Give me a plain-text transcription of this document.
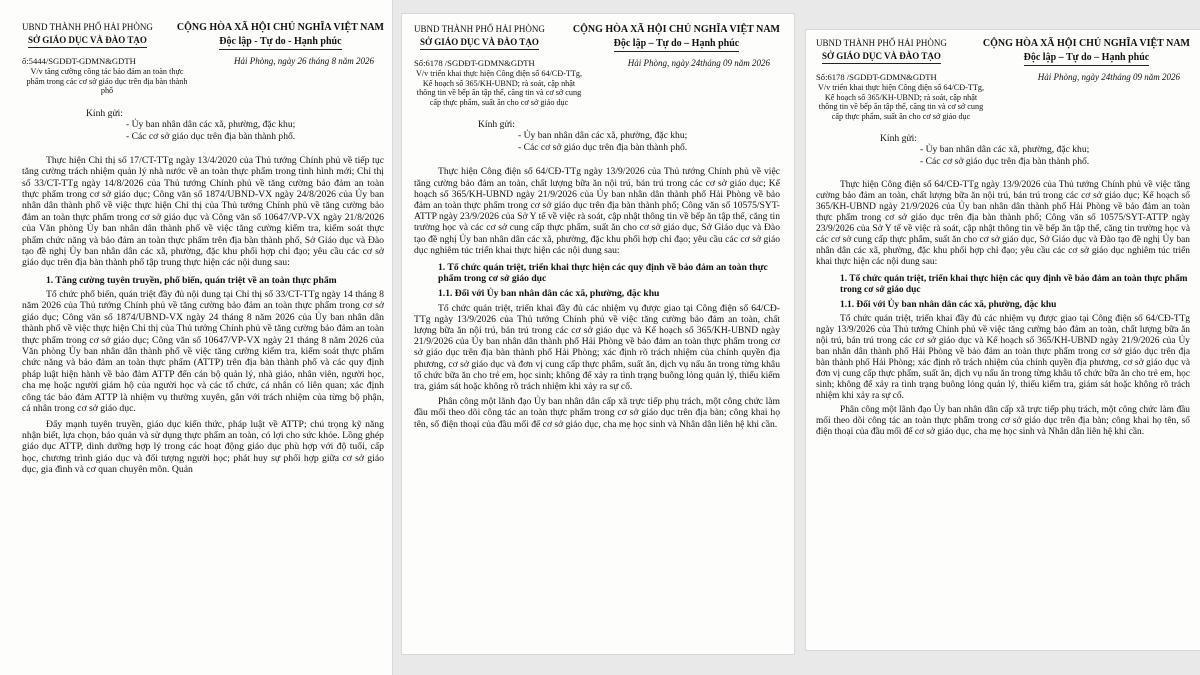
UBND THÀNH PHỐ HẢI PHÒNG
SỞ GIÁO DỤC VÀ ĐÀO TẠO
CỘNG HÒA XÃ HỘI CHỦ NGHĨA VIỆT NAM
Độc lập - Tự do - Hạnh phúc
ố:5444/SGDĐT-GDMN&GDTH
V/v tăng cường công tác bảo đảm an toàn thực phẩm trong các cơ sở giáo dục trên địa bàn thành phố
Hải Phòng, ngày 26 tháng 8 năm 2026
Kính gửi:
- Ủy ban nhân dân các xã, phường, đặc khu;
- Các cơ sở giáo dục trên địa bàn thành phố.

Thực hiện Chỉ thị số 17/CT-TTg ngày 13/4/2020 của Thủ tướng Chính phủ về tiếp tục tăng cường trách nhiệm quản lý nhà nước về an toàn thực phẩm trong tình hình mới; Chỉ thị số 33/CT-TTg ngày 14/8/2026 của Thủ tướng Chính phủ về tăng cường bảo đảm an toàn thực phẩm trong cơ sở giáo dục; Công văn số 1874/UBND-VX ngày 24/8/2026 của Ủy ban nhân dân thành phố về việc thực hiện Chỉ thị của Thủ tướng Chính phủ về tăng cường bảo đảm an toàn thực phẩm trong cơ sở giáo dục và Công văn số 10647/VP-VX ngày 21/8/2026 của Văn phòng Ủy ban nhân dân thành phố về việc tăng cường kiểm tra, kiểm soát thực phẩm chức năng và bảo đảm an toàn thực phẩm trên địa bàn thành phố, Sở Giáo dục và Đào tạo đề nghị Ủy ban nhân dân các xã, phường, đặc khu phối hợp chỉ đạo; yêu cầu các cơ sở giáo dục trên địa bàn thành phố tập trung thực hiện các nội dung sau:

1. Tăng cường tuyên truyền, phổ biến, quán triệt về an toàn thực phẩm

Tổ chức phổ biến, quán triệt đầy đủ nội dung tại Chỉ thị số 33/CT-TTg ngày 14 tháng 8 năm 2026 của Thủ tướng Chính phủ về tăng cường bảo đảm an toàn thực phẩm trong cơ sở giáo dục; Công văn số 1874/UBND-VX ngày 24 tháng 8 năm 2026 của Ủy ban nhân dân thành phố về việc thực hiện Chỉ thị của Thủ tướng Chính phủ về tăng cường bảo đảm an toàn thực phẩm trong cơ sở giáo dục; Công văn số 10647/VP-VX ngày 21 tháng 8 năm 2026 của Văn phòng Ủy ban nhân dân thành phố về việc tăng cường kiểm tra, kiểm soát thực phẩm chức năng và bảo đảm an toàn thực phẩm (ATTP) trên địa bàn thành phố và các quy định pháp luật hiện hành về bảo đảm ATTP đến cán bộ quản lý, nhà giáo, nhân viên, người học, cha mẹ hoặc người giám hộ của người học và các tổ chức, cá nhân có liên quan; xác định công tác bảo đảm ATTP là nhiệm vụ thường xuyên, gắn với trách nhiệm của từng bộ phận, cá nhân trong cơ sở giáo dục.

Đẩy mạnh tuyên truyền, giáo dục kiến thức, pháp luật về ATTP; chú trọng kỹ năng nhận biết, lựa chọn, bảo quản và sử dụng thực phẩm an toàn, có lợi cho sức khỏe. Lồng ghép giáo dục ATTP, dinh dưỡng hợp lý trong các hoạt động giáo dục phù hợp với độ tuổi, cấp học, chương trình giáo dục và đối tượng người học; phát huy sự phối hợp giữa cơ sở giáo dục, gia đình và cơ quan chuyên môn. Quản

UBND THÀNH PHỐ HẢI PHÒNG
SỞ GIÁO DỤC VÀ ĐÀO TẠO
CỘNG HÒA XÃ HỘI CHỦ NGHĨA VIỆT NAM
Độc lập – Tự do – Hạnh phúc
Số:6178 /SGDĐT-GDMN&GDTH
V/v triển khai thực hiện Công điện số 64/CĐ-TTg, Kế hoạch số 365/KH-UBND; rà soát, cập nhật thông tin về bếp ăn tập thể, căng tin và cơ sở cung cấp thực phẩm, suất ăn cho cơ sở giáo dục
Hải Phòng, ngày 24tháng 09 năm 2026
Kính gửi:
- Ủy ban nhân dân các xã, phường, đặc khu;
- Các cơ sở giáo dục trên địa bàn thành phố.

Thực hiện Công điện số 64/CĐ-TTg ngày 13/9/2026 của Thủ tướng Chính phủ về việc tăng cường bảo đảm an toàn, chất lượng bữa ăn nội trú, bán trú trong các cơ sở giáo dục; Kế hoạch số 365/KH-UBND ngày 21/9/2026 của Ủy ban nhân dân thành phố Hải Phòng về bảo đảm an toàn thực phẩm trong cơ sở giáo dục trên địa bàn thành phố; Công văn số 10575/SYT-ATTP ngày 23/9/2026 của Sở Y tế về việc rà soát, cập nhật thông tin về bếp ăn tập thể, căng tin trường học và các cơ sở cung cấp thực phẩm, suất ăn cho cơ sở giáo dục, Sở Giáo dục và Đào tạo đề nghị Ủy ban nhân dân các xã, phường, đặc khu phối hợp chỉ đạo; yêu cầu các cơ sở giáo dục nghiêm túc triển khai thực hiện các nội dung sau:

1. Tổ chức quán triệt, triển khai thực hiện các quy định về bảo đảm an toàn thực phẩm trong cơ sở giáo dục
1.1. Đối với Ủy ban nhân dân các xã, phường, đặc khu

Tổ chức quán triệt, triển khai đầy đủ các nhiệm vụ được giao tại Công điện số 64/CĐ-TTg ngày 13/9/2026 của Thủ tướng Chính phủ về việc tăng cường bảo đảm an toàn, chất lượng bữa ăn nội trú, bán trú trong các cơ sở giáo dục và Kế hoạch số 365/KH-UBND ngày 21/9/2026 của Ủy ban nhân dân thành phố Hải Phòng về bảo đảm an toàn thực phẩm trong cơ sở giáo dục trên địa bàn thành phố Hải Phòng; xác định rõ trách nhiệm của chính quyền địa phương, cơ sở giáo dục và đơn vị cung cấp thực phẩm, suất ăn, dịch vụ nấu ăn trong từng khâu tổ chức bữa ăn cho trẻ em, học sinh; không để xảy ra tình trạng buông lỏng quản lý, thiếu kiểm tra, giám sát hoặc không rõ trách nhiệm khi xảy ra sự cố.

Phân công một lãnh đạo Ủy ban nhân dân cấp xã trực tiếp phụ trách, một công chức làm đầu mối theo dõi công tác an toàn thực phẩm trong cơ sở giáo dục trên địa bàn; công khai họ tên, số điện thoại của đầu mối để cơ sở giáo dục, cha mẹ học sinh và Nhân dân liên hệ khi cần.

UBND THÀNH PHỐ HẢI PHÒNG
SỞ GIÁO DỤC VÀ ĐÀO TẠO
CỘNG HÒA XÃ HỘI CHỦ NGHĨA VIỆT NAM
Độc lập – Tự do – Hạnh phúc
Số:6178 /SGDĐT-GDMN&GDTH
V/v triển khai thực hiện Công điện số 64/CĐ-TTg, Kế hoạch số 365/KH-UBND; rà soát, cập nhật thông tin về bếp ăn tập thể, căng tin và cơ sở cung cấp thực phẩm, suất ăn cho cơ sở giáo dục
Hải Phòng, ngày 24tháng 09 năm 2026
Kính gửi:
- Ủy ban nhân dân các xã, phường, đặc khu;
- Các cơ sở giáo dục trên địa bàn thành phố.

Thực hiện Công điện số 64/CĐ-TTg ngày 13/9/2026 của Thủ tướng Chính phủ về việc tăng cường bảo đảm an toàn, chất lượng bữa ăn nội trú, bán trú trong các cơ sở giáo dục; Kế hoạch số 365/KH-UBND ngày 21/9/2026 của Ủy ban nhân dân thành phố Hải Phòng về bảo đảm an toàn thực phẩm trong cơ sở giáo dục trên địa bàn thành phố; Công văn số 10575/SYT-ATTP ngày 23/9/2026 của Sở Y tế về việc rà soát, cập nhật thông tin về bếp ăn tập thể, căng tin trường học và các cơ sở cung cấp thực phẩm, suất ăn cho cơ sở giáo dục, Sở Giáo dục và Đào tạo đề nghị Ủy ban nhân dân các xã, phường, đặc khu phối hợp chỉ đạo; yêu cầu các cơ sở giáo dục nghiêm túc triển khai thực hiện các nội dung sau:

1. Tổ chức quán triệt, triển khai thực hiện các quy định về bảo đảm an toàn thực phẩm trong cơ sở giáo dục
1.1. Đối với Ủy ban nhân dân các xã, phường, đặc khu

Tổ chức quán triệt, triển khai đầy đủ các nhiệm vụ được giao tại Công điện số 64/CĐ-TTg ngày 13/9/2026 của Thủ tướng Chính phủ về việc tăng cường bảo đảm an toàn, chất lượng bữa ăn nội trú, bán trú trong các cơ sở giáo dục và Kế hoạch số 365/KH-UBND ngày 21/9/2026 của Ủy ban nhân dân thành phố Hải Phòng về bảo đảm an toàn thực phẩm trong cơ sở giáo dục trên địa bàn thành phố Hải Phòng; xác định rõ trách nhiệm của chính quyền địa phương, cơ sở giáo dục và đơn vị cung cấp thực phẩm, suất ăn, dịch vụ nấu ăn trong từng khâu tổ chức bữa ăn cho trẻ em, học sinh; không để xảy ra tình trạng buông lỏng quản lý, thiếu kiểm tra, giám sát hoặc không rõ trách nhiệm khi xảy ra sự cố.

Phân công một lãnh đạo Ủy ban nhân dân cấp xã trực tiếp phụ trách, một công chức làm đầu mối theo dõi công tác an toàn thực phẩm trong cơ sở giáo dục trên địa bàn; công khai họ tên, số điện thoại của đầu mối để cơ sở giáo dục, cha mẹ học sinh và Nhân dân liên hệ khi cần.
